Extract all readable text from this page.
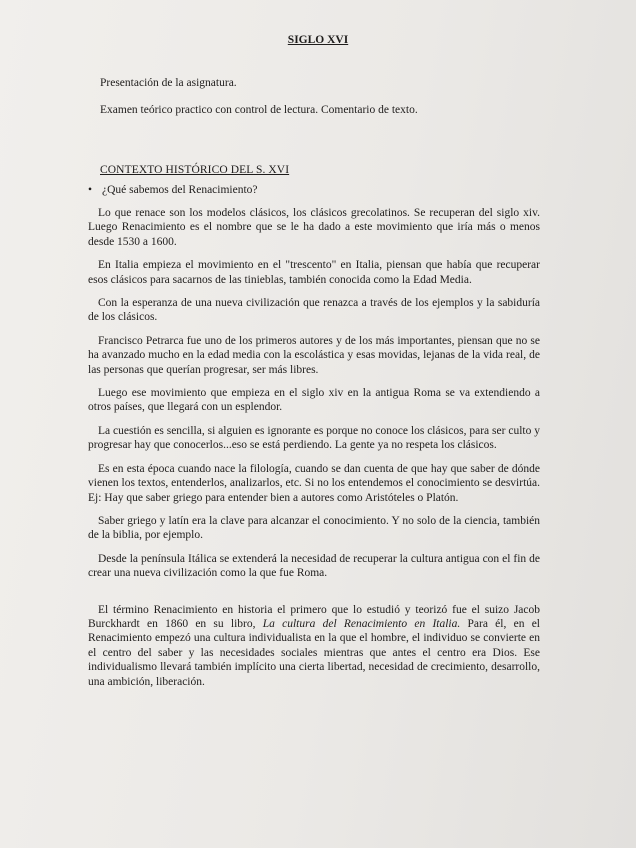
SIGLO XVI
Presentación de la asignatura.
Examen teórico practico con control de lectura. Comentario de texto.
CONTEXTO HISTÓRICO DEL S. XVI
• ¿Qué sabemos del Renacimiento?

Lo que renace son los modelos clásicos, los clásicos grecolatinos. Se recuperan del siglo xiv. Luego Renacimiento es el nombre que se le ha dado a este movimiento que iría más o menos desde 1530 a 1600.

En Italia empieza el movimiento en el "trescento" en Italia, piensan que había que recuperar esos clásicos para sacarnos de las tinieblas, también conocida como la Edad Media.

Con la esperanza de una nueva civilización que renazca a través de los ejemplos y la sabiduría de los clásicos.

Francisco Petrarca fue uno de los primeros autores y de los más importantes, piensan que no se ha avanzado mucho en la edad media con la escolástica y esas movidas, lejanas de la vida real, de las personas que querían progresar, ser más libres.

Luego ese movimiento que empieza en el siglo xiv en la antigua Roma se va extendiendo a otros países, que llegará con un esplendor.

La cuestión es sencilla, si alguien es ignorante es porque no conoce los clásicos, para ser culto y progresar hay que conocerlos...eso se está perdiendo. La gente ya no respeta los clásicos.

Es en esta época cuando nace la filología, cuando se dan cuenta de que hay que saber de dónde vienen los textos, entenderlos, analizarlos, etc. Si no los entendemos el conocimiento se desvirtúa. Ej: Hay que saber griego para entender bien a autores como Aristóteles o Platón.

Saber griego y latín era la clave para alcanzar el conocimiento. Y no solo de la ciencia, también de la biblia, por ejemplo.

Desde la península Itálica se extenderá la necesidad de recuperar la cultura antigua con el fin de crear una nueva civilización como la que fue Roma.

El término Renacimiento en historia el primero que lo estudió y teorizó fue el suizo Jacob Burckhardt en 1860 en su libro, La cultura del Renacimiento en Italia. Para él, en el Renacimiento empezó una cultura individualista en la que el hombre, el individuo se convierte en el centro del saber y las necesidades sociales mientras que antes el centro era Dios. Ese individualismo llevará también implícito una cierta libertad, necesidad de crecimiento, desarrollo, una ambición, liberación.
